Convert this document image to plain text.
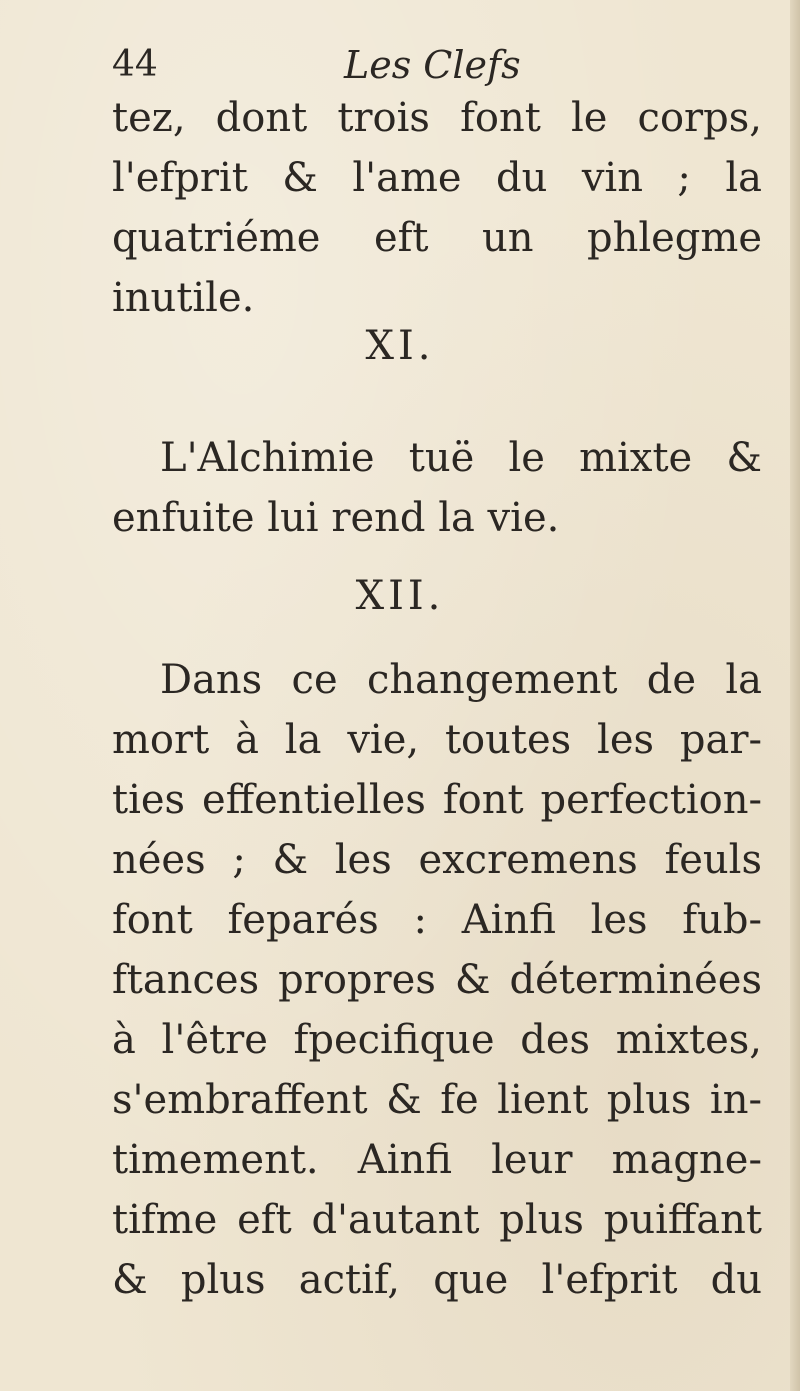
44	Les Clefs
tez, dont trois font le corps,
l'efprit & l'ame du vin ; la
quatriéme eft un phlegme
inutile.
XI.
L'Alchimie tuë le mixte &
enfuite lui rend la vie.
XII.
Dans ce changement de la
mort à la vie, toutes les par-
ties effentielles font perfection-
nées ; & les excremens feuls
font feparés : Ainfi les fub-
ftances propres & déterminées
à l'être fpecifique des mixtes,
s'embraffent & fe lient plus in-
timement. Ainfi leur magne-
tifme eft d'autant plus puiffant
& plus actif, que l'efprit du
